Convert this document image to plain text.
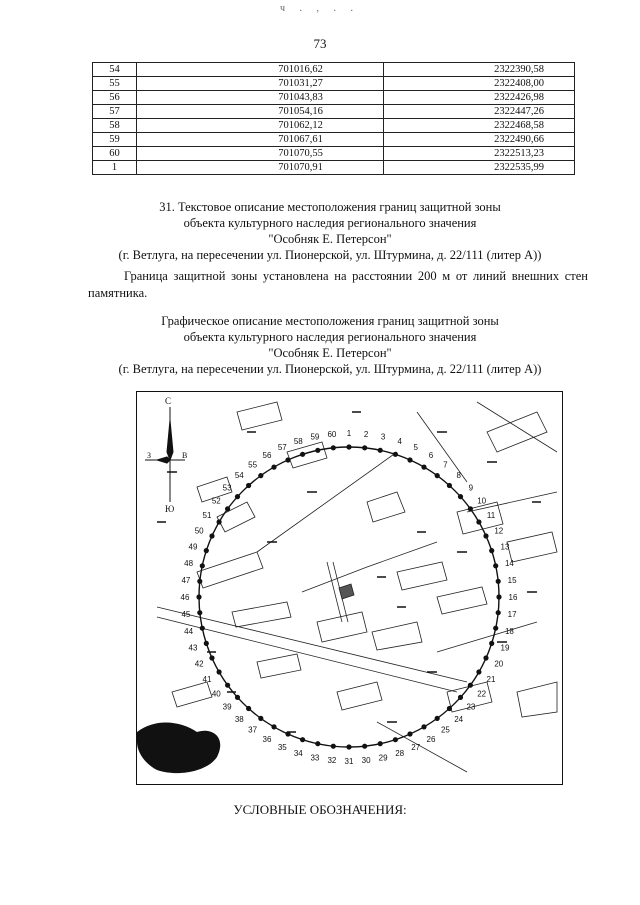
ч . , . .
73
54	701016,62	2322390,58
55	701031,27	2322408,00
56	701043,83	2322426,98
57	701054,16	2322447,26
58	701062,12	2322468,58
59	701067,61	2322490,66
60	701070,55	2322513,23
1	701070,91	2322535,99
31. Текстовое описание местоположения границ защитной зоны
объекта культурного наследия регионального значения
"Особняк Е. Петерсон"
(г. Ветлуга, на пересечении ул. Пионерской, ул. Штурмина, д. 22/111 (литер А))
Граница защитной зоны установлена на расстоянии 200 м от линий внешних стен памятника.
Графическое описание местоположения границ защитной зоны
объекта культурного наследия регионального значения
"Особняк Е. Петерсон"
(г. Ветлуга, на пересечении ул. Пионерской, ул. Штурмина, д. 22/111 (литер А))
С
Ю
З	В
1 2 3 4
5
6
7
8
9
10
11
12
13
14
15
16
17
18
19
20
21
22
23
24
25
26
27
28
29
30
31
32
33
34
35
36
37
38
39
40
41
42
43
44
45
46
47
48
49
50
51
52
53
54
55
56
57
58 59 60
УСЛОВНЫЕ ОБОЗНАЧЕНИЯ:
